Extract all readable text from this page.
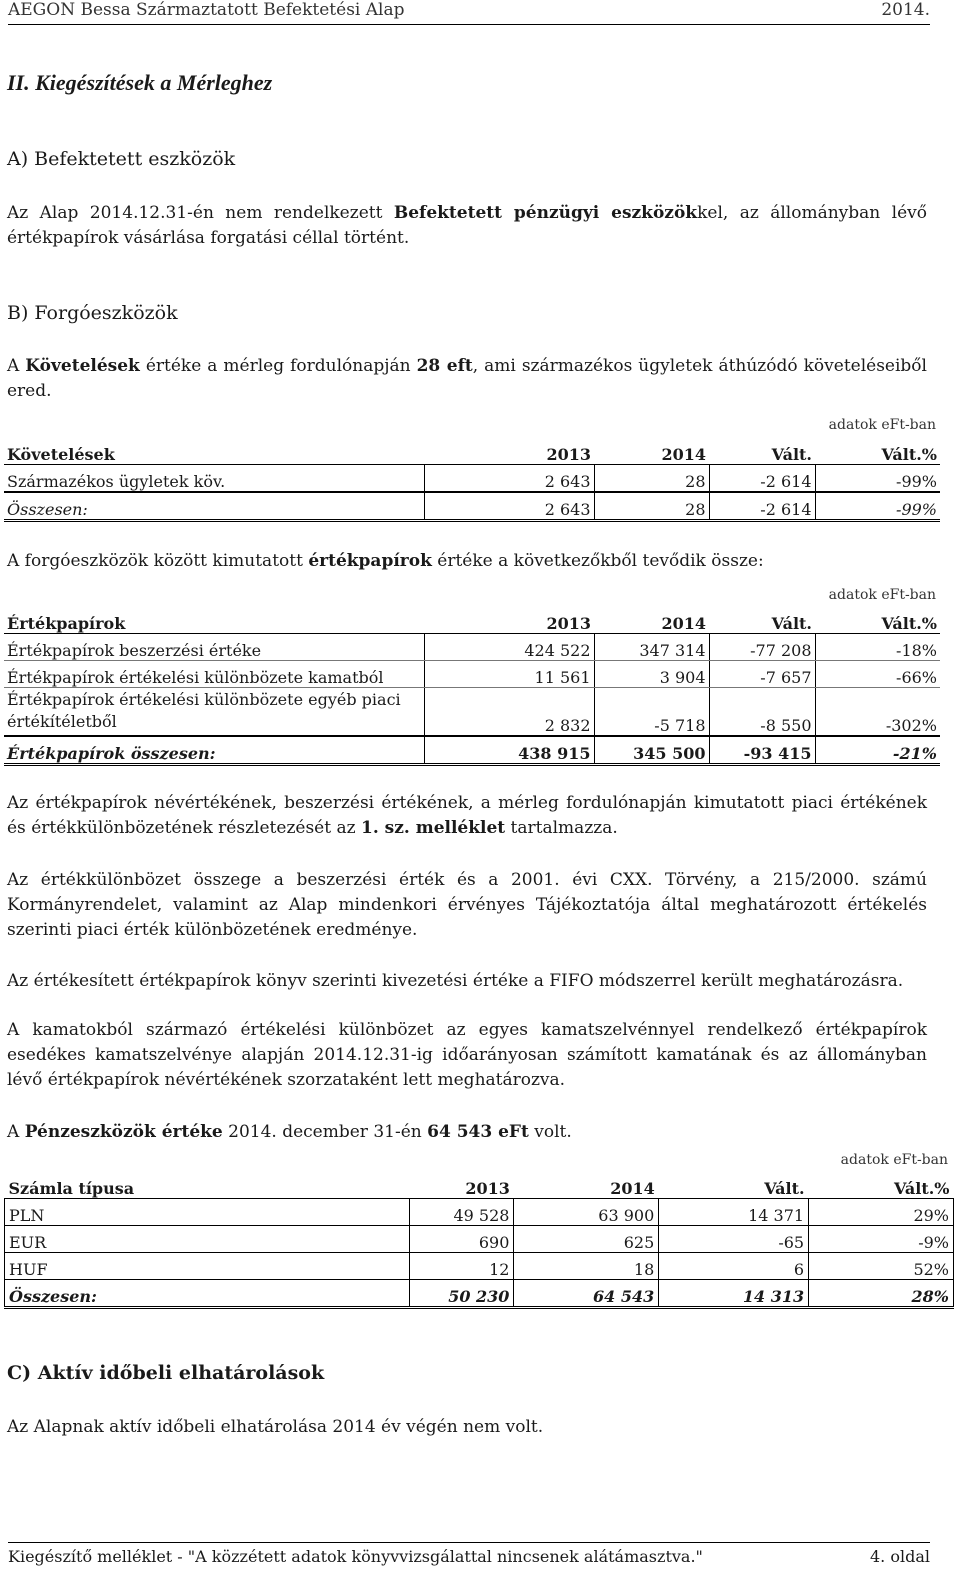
AEGON Bessa Származtatott Befektetési Alap	2014.
II. Kiegészítések a Mérleghez
A) Befektetett eszközök
Az Alap 2014.12.31-én nem rendelkezett Befektetett pénzügyi eszközökkel, az állományban lévő értékpapírok vásárlása forgatási céllal történt.
B) Forgóeszközök
A Követelések értéke a mérleg fordulónapján 28 eft, ami származékos ügyletek áthúzódó követeléseiből ered.
adatok eFt-ban
Követelések	2013	2014	Vált.	Vált.%
Származékos ügyletek köv.	2 643	28	-2 614	-99%
Összesen:	2 643	28	-2 614	-99%
A forgóeszközök között kimutatott értékpapírok értéke a következőkből tevődik össze:
adatok eFt-ban
Értékpapírok	2013	2014	Vált.	Vált.%
Értékpapírok beszerzési értéke	424 522	347 314	-77 208	-18%
Értékpapírok értékelési különbözete kamatból	11 561	3 904	-7 657	-66%
Értékpapírok értékelési különbözete egyéb piaci értékítéletből	2 832	-5 718	-8 550	-302%
Értékpapírok összesen:	438 915	345 500	-93 415	-21%
Az értékpapírok névértékének, beszerzési értékének, a mérleg fordulónapján kimutatott piaci értékének és értékkülönbözetének részletezését az 1. sz. melléklet tartalmazza.
Az értékkülönbözet összege a beszerzési érték és a 2001. évi CXX. Törvény, a 215/2000. számú Kormányrendelet, valamint az Alap mindenkori érvényes Tájékoztatója által meghatározott értékelés szerinti piaci érték különbözetének eredménye.
Az értékesített értékpapírok könyv szerinti kivezetési értéke a FIFO módszerrel került meghatározásra.
A kamatokból származó értékelési különbözet az egyes kamatszelvénnyel rendelkező értékpapírok esedékes kamatszelvénye alapján 2014.12.31-ig időarányosan számított kamatának és az állományban lévő értékpapírok névértékének szorzataként lett meghatározva.
A Pénzeszközök értéke 2014. december 31-én 64 543 eFt volt.
adatok eFt-ban
Számla típusa	2013	2014	Vált.	Vált.%
PLN	49 528	63 900	14 371	29%
EUR	690	625	-65	-9%
HUF	12	18	6	52%
Összesen:	50 230	64 543	14 313	28%
C) Aktív időbeli elhatárolások
Az Alapnak aktív időbeli elhatárolása 2014 év végén nem volt.
Kiegészítő melléklet - "A közzétett adatok könyvvizsgálattal nincsenek alátámasztva."	4. oldal
